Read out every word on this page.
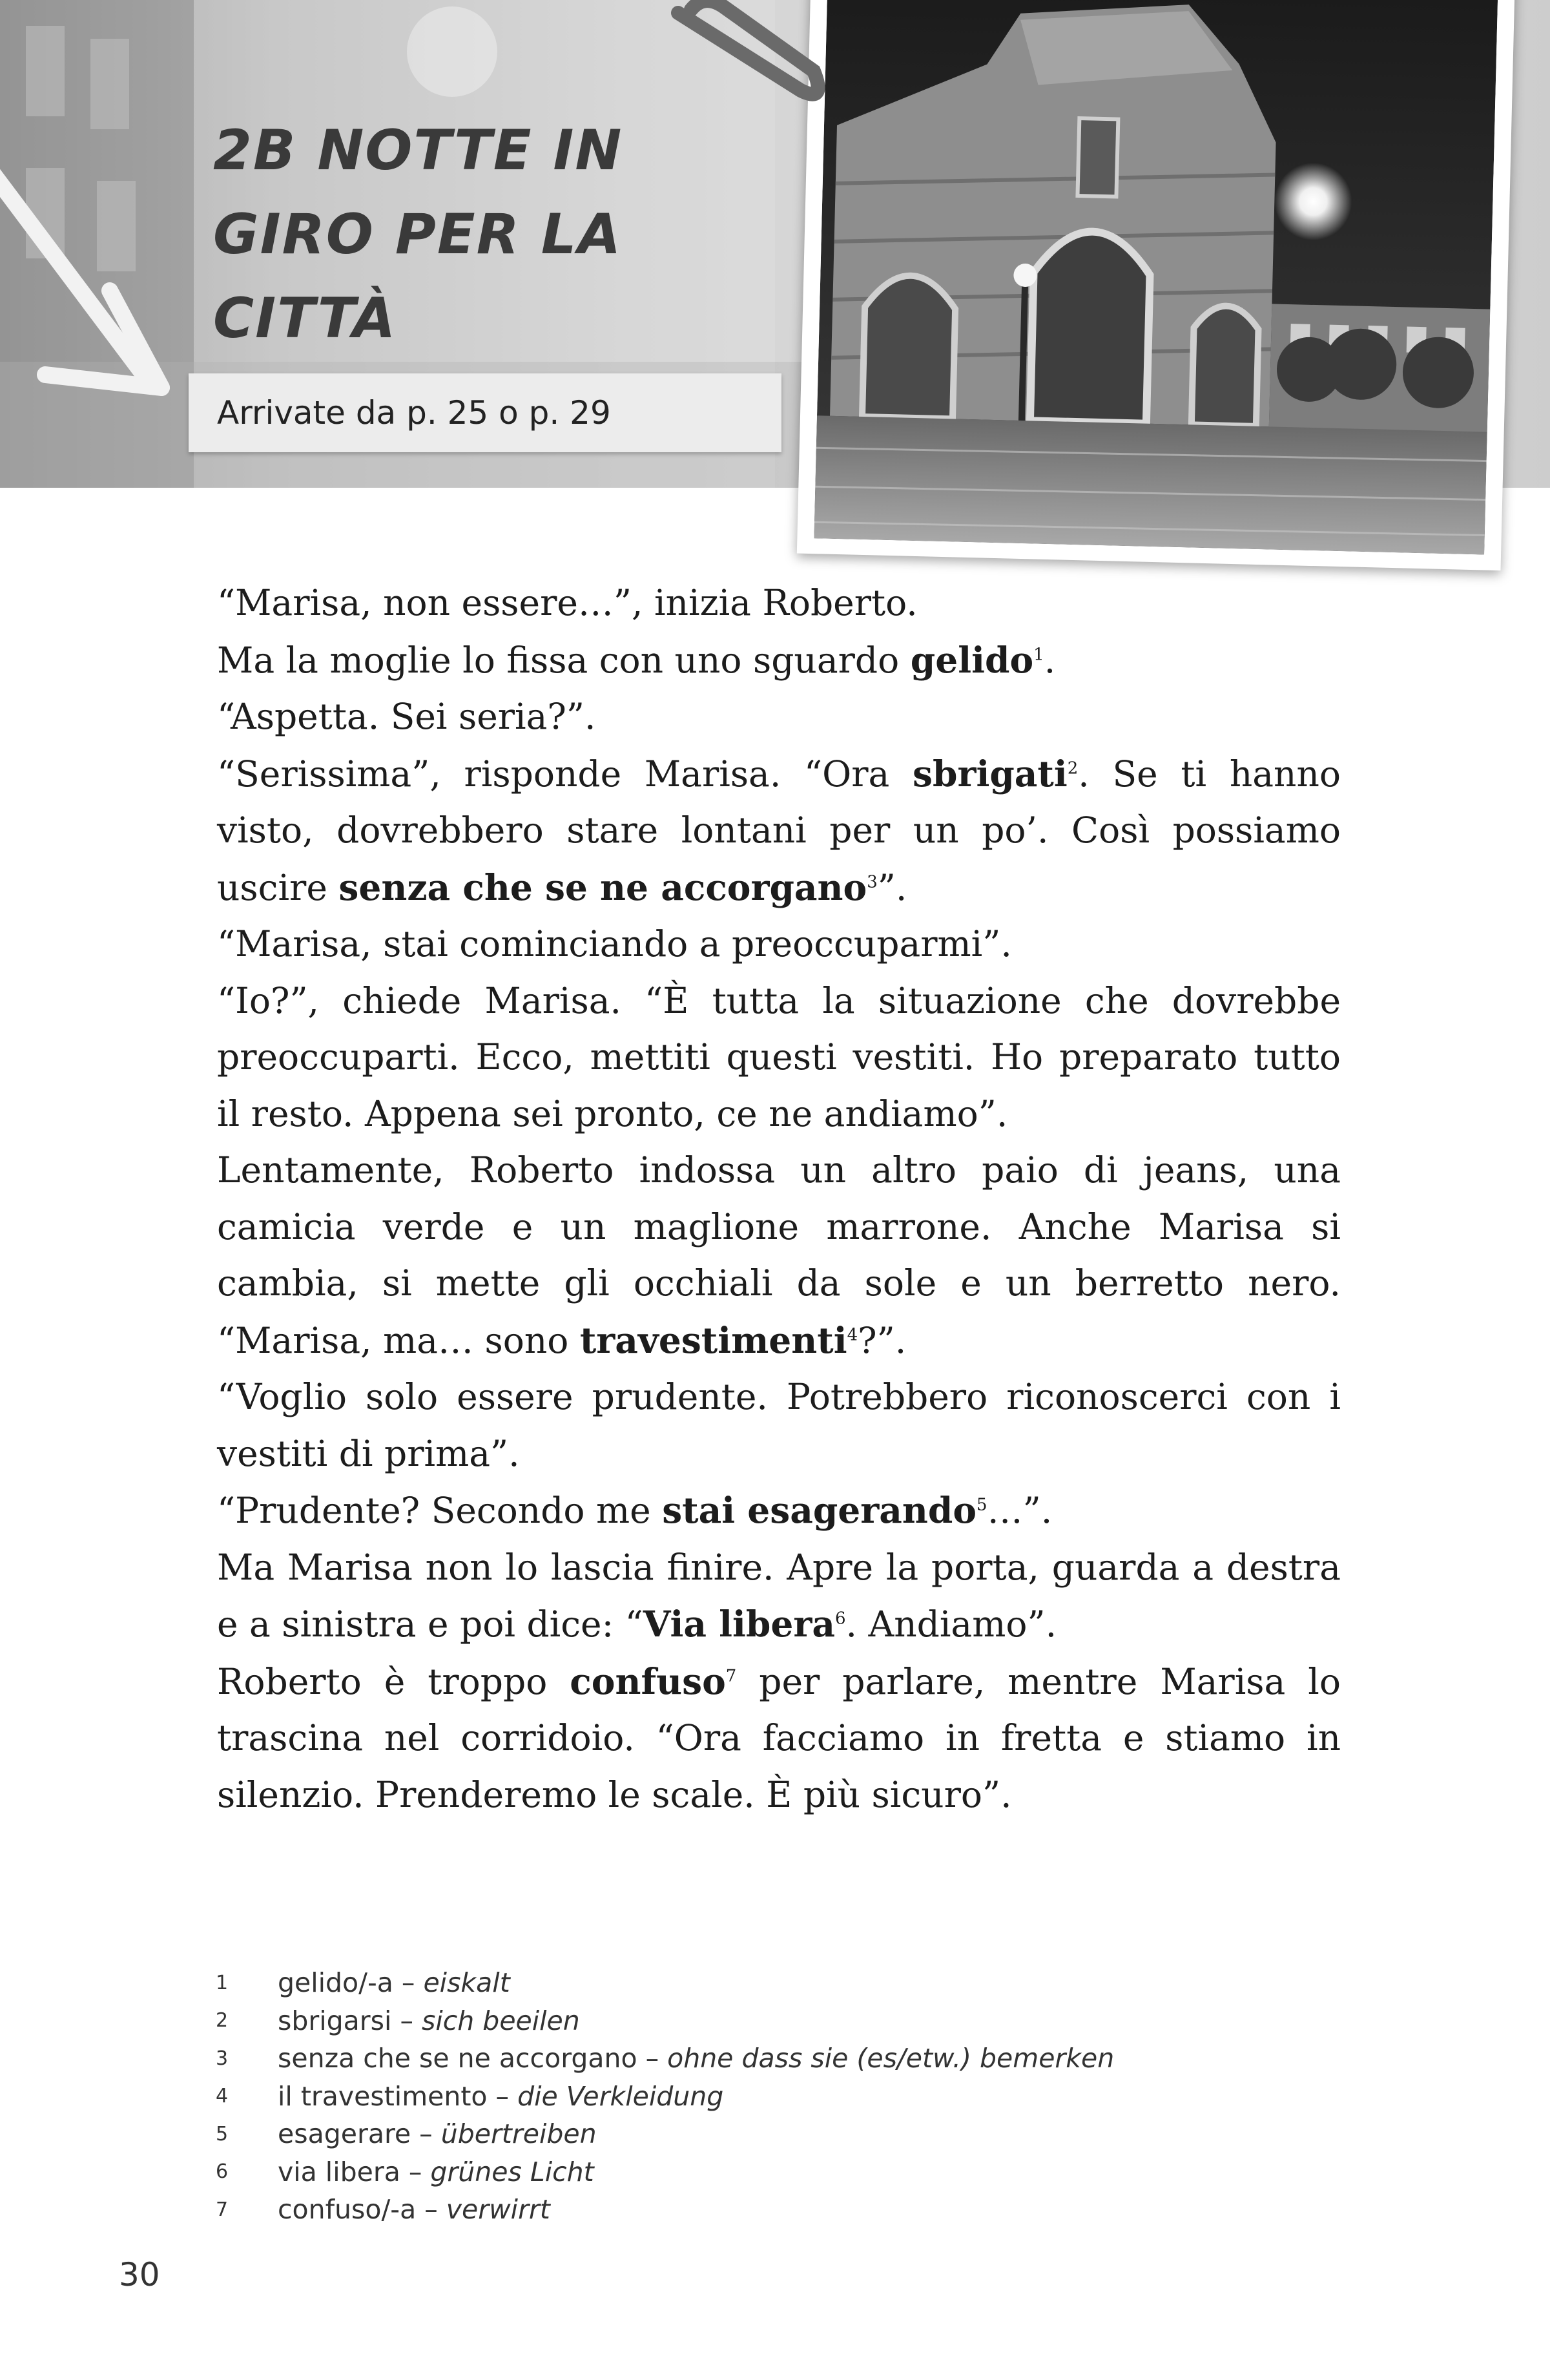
2B NOTTE IN GIRO PER LA CITTÀ
Arrivate da p. 25 o p. 29

“Marisa, non essere…”, inizia Roberto.

Ma la moglie lo fissa con uno sguardo gelido$^1$.

“Aspetta. Sei seria?”.

“Serissima”, risponde Marisa. “Ora sbrigati$^2$. Se ti hanno visto, dovrebbero stare lontani per un po’. Così possiamo uscire senza che se ne accorgano$^3$”.

“Marisa, stai cominciando a preoccuparmi”.

“Io?”, chiede Marisa. “È tutta la situazione che dovrebbe preoccuparti. Ecco, mettiti questi vestiti. Ho preparato tutto il resto. Appena sei pronto, ce ne andiamo”.

Lentamente, Roberto indossa un altro paio di jeans, una camicia verde e un maglione marrone. Anche Marisa si cambia, si mette gli occhiali da sole e un berretto nero. “Marisa, ma… sono travestimenti$^4$?”.

“Voglio solo essere prudente. Potrebbero riconoscerci con i vestiti di prima”.

“Prudente? Secondo me stai esagerando$^5$…”.

Ma Marisa non lo lascia finire. Apre la porta, guarda a destra e a sinistra e poi dice: “Via libera$^6$. Andiamo”.

Roberto è troppo confuso$^7$ per parlare, mentre Marisa lo trascina nel corridoio. “Ora facciamo in fretta e stiamo in silenzio. Prenderemo le scale. È più sicuro”.

1	gelido/-a – eiskalt
2	sbrigarsi – sich beeilen
3	senza che se ne accorgano – ohne dass sie (es/etw.) bemerken
4	il travestimento – die Verkleidung
5	esagerare – übertreiben
6	via libera – grünes Licht
7	confuso/-a – verwirrt
30
